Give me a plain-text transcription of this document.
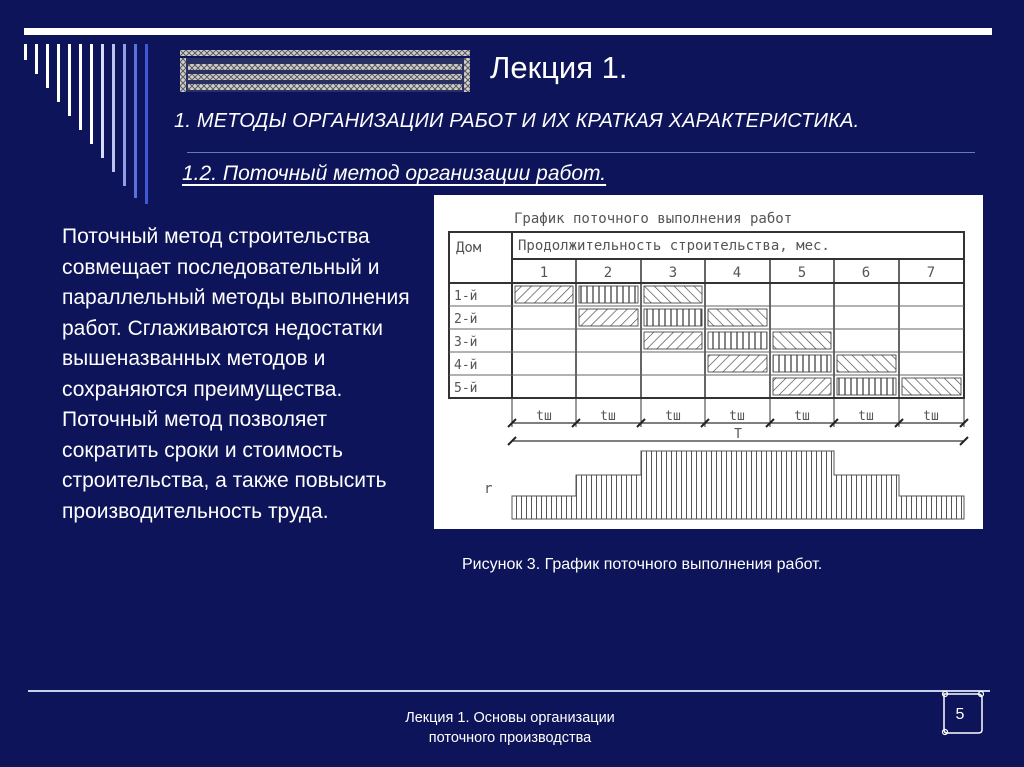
Лекция 1.
1. МЕТОДЫ ОРГАНИЗАЦИИ РАБОТ И ИХ КРАТКАЯ ХАРАКТЕРИСТИКА.
1.2. Поточный метод организации работ.
Поточный метод строительства совмещает последовательный и параллельный методы выполнения работ. Сглаживаются недостатки вышеназванных методов и сохраняются преимущества. Поточный метод позволяет сократить сроки и стоимость строительства, а также повысить производительность труда.
График поточного выполнения работ
Дом	Продолжительность строительства, мес.
1	2	3	4	5	6	7
1-й
2-й
3-й
4-й
5-й
tш	tш	tш	tш	tш	tш	tш
T
r
Рисунок 3. График поточного выполнения работ.
Лекция 1. Основы организации
поточного производства
5
